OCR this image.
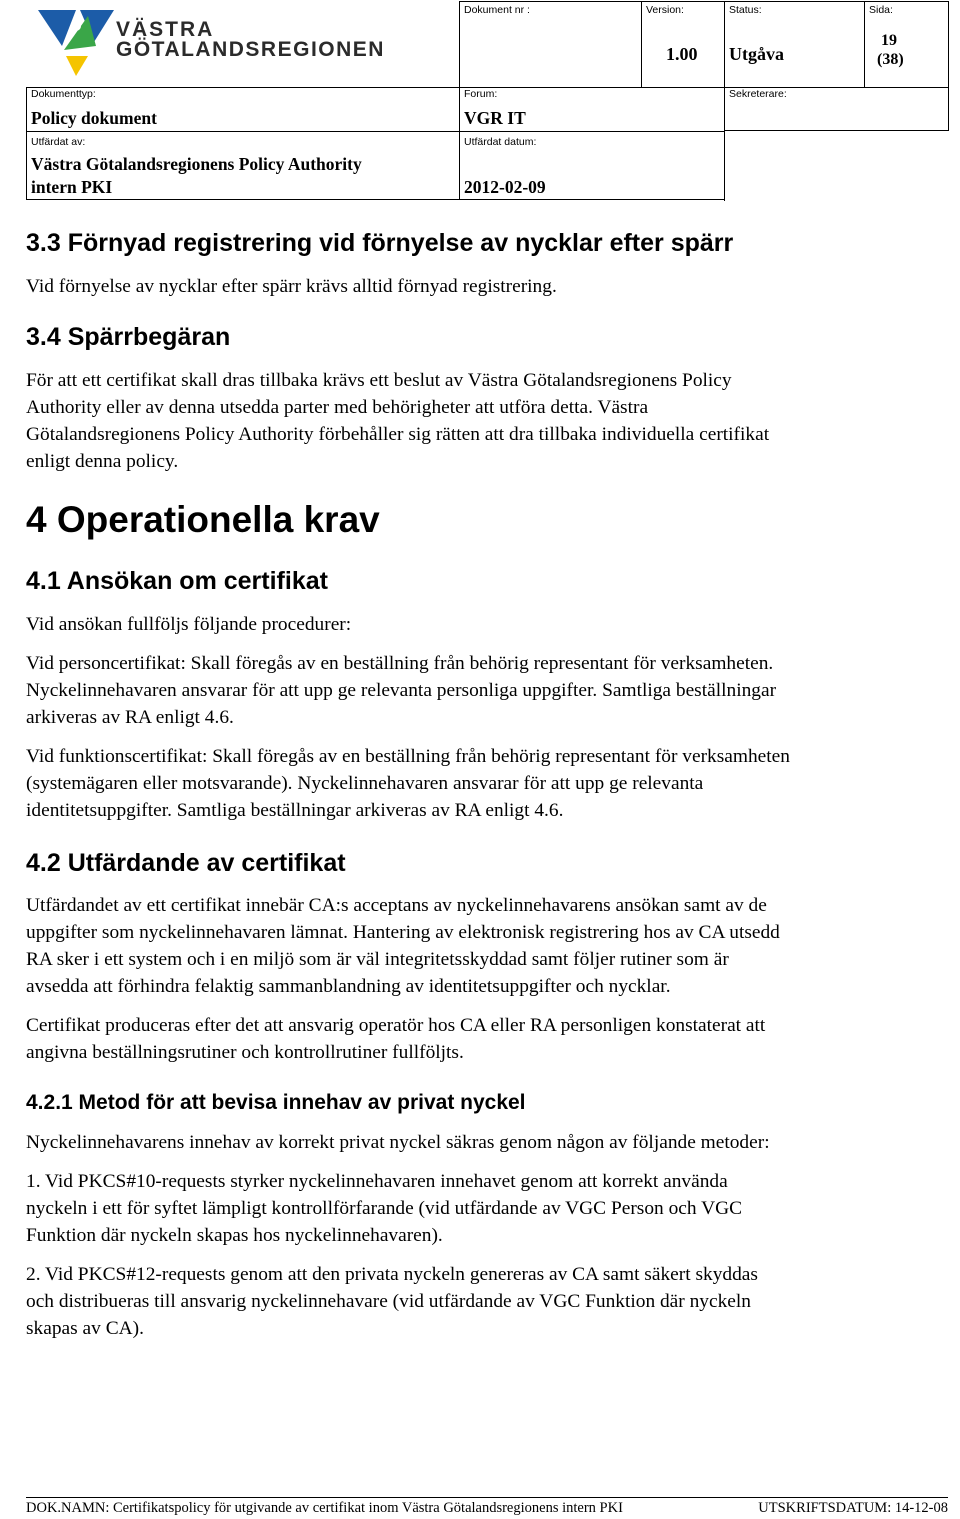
VÄSTRA
GÖTALANDSREGIONEN
Dokument nr :	Version:
1.00
Status:
Utgåva
Sida:
19
(38)
Dokumenttyp:
Policy dokument
Forum:
VGR IT
Sekreterare:
Utfärdat av:
Västra Götalandsregionens Policy Authority
intern PKI
Utfärdat datum:
2012-02-09
3.3 Förnyad registrering vid förnyelse av nycklar efter spärr
Vid förnyelse av nycklar efter spärr krävs alltid förnyad registrering.
3.4 Spärrbegäran
För att ett certifikat skall dras tillbaka krävs ett beslut av Västra Götalandsregionens Policy
Authority eller av denna utsedda parter med behörigheter att utföra detta. Västra
Götalandsregionens Policy Authority förbehåller sig rätten att dra tillbaka individuella certifikat
enligt denna policy.
4 Operationella krav
4.1 Ansökan om certifikat
Vid ansökan fullföljs följande procedurer:
Vid personcertifikat: Skall föregås av en beställning från behörig representant för verksamheten.
Nyckelinnehavaren ansvarar för att upp ge relevanta personliga uppgifter. Samtliga beställningar
arkiveras av RA enligt 4.6.
Vid funktionscertifikat: Skall föregås av en beställning från behörig representant för verksamheten
(systemägaren eller motsvarande). Nyckelinnehavaren ansvarar för att upp ge relevanta
identitetsuppgifter. Samtliga beställningar arkiveras av RA enligt 4.6.
4.2 Utfärdande av certifikat
Utfärdandet av ett certifikat innebär CA:s acceptans av nyckelinnehavarens ansökan samt av de
uppgifter som nyckelinnehavaren lämnat. Hantering av elektronisk registrering hos av CA utsedd
RA sker i ett system och i en miljö som är väl integritetsskyddad samt följer rutiner som är
avsedda att förhindra felaktig sammanblandning av identitetsuppgifter och nycklar.
Certifikat produceras efter det att ansvarig operatör hos CA eller RA personligen konstaterat att
angivna beställningsrutiner och kontrollrutiner fullföljts.
4.2.1 Metod för att bevisa innehav av privat nyckel
Nyckelinnehavarens innehav av korrekt privat nyckel säkras genom någon av följande metoder:
1. Vid PKCS#10-requests styrker nyckelinnehavaren innehavet genom att korrekt använda
nyckeln i ett för syftet lämpligt kontrollförfarande (vid utfärdande av VGC Person och VGC
Funktion där nyckeln skapas hos nyckelinnehavaren).
2. Vid PKCS#12-requests genom att den privata nyckeln genereras av CA samt säkert skyddas
och distribueras till ansvarig nyckelinnehavare (vid utfärdande av VGC Funktion där nyckeln
skapas av CA).
DOK.NAMN: Certifikatspolicy för utgivande av certifikat inom Västra Götalandsregionens intern PKI	UTSKRIFTSDATUM: 14-12-08
